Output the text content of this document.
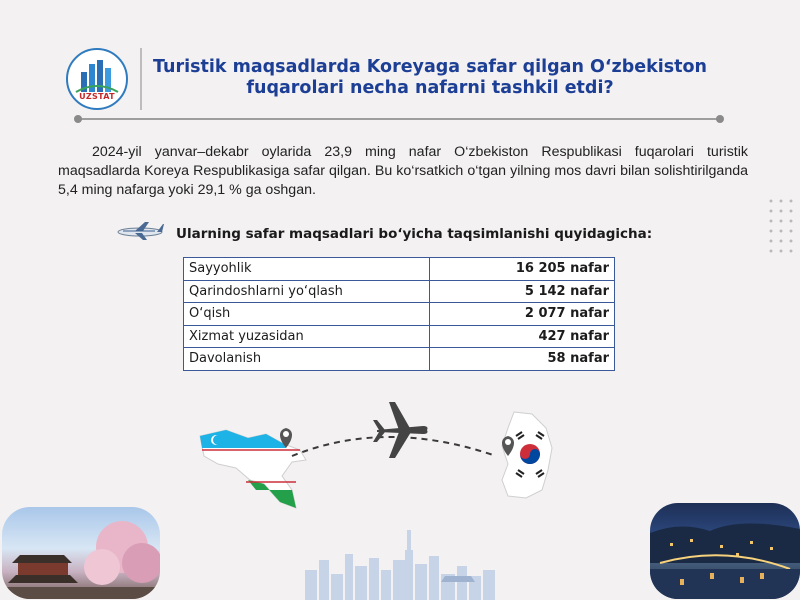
UZSTAT
Turistik maqsadlarda Koreyaga safar qilgan O‘zbekiston fuqarolari necha nafarni tashkil etdi?
2024-yil yanvar–dekabr oylarida 23,9 ming nafar O‘zbekiston Respublikasi fuqarolari turistik maqsadlarda Koreya Respublikasiga safar qilgan. Bu ko‘rsatkich o‘tgan yilning mos davri bilan solishtirilganda 5,4 ming nafarga yoki 29,1 % ga oshgan.
Ularning safar maqsadlari bo‘yicha taqsimlanishi quyidagicha:
Sayyohlik	16 205 nafar
Qarindoshlarni yo‘qlash	5 142 nafar
O‘qish	2 077 nafar
Xizmat yuzasidan	427 nafar
Davolanish	58 nafar
